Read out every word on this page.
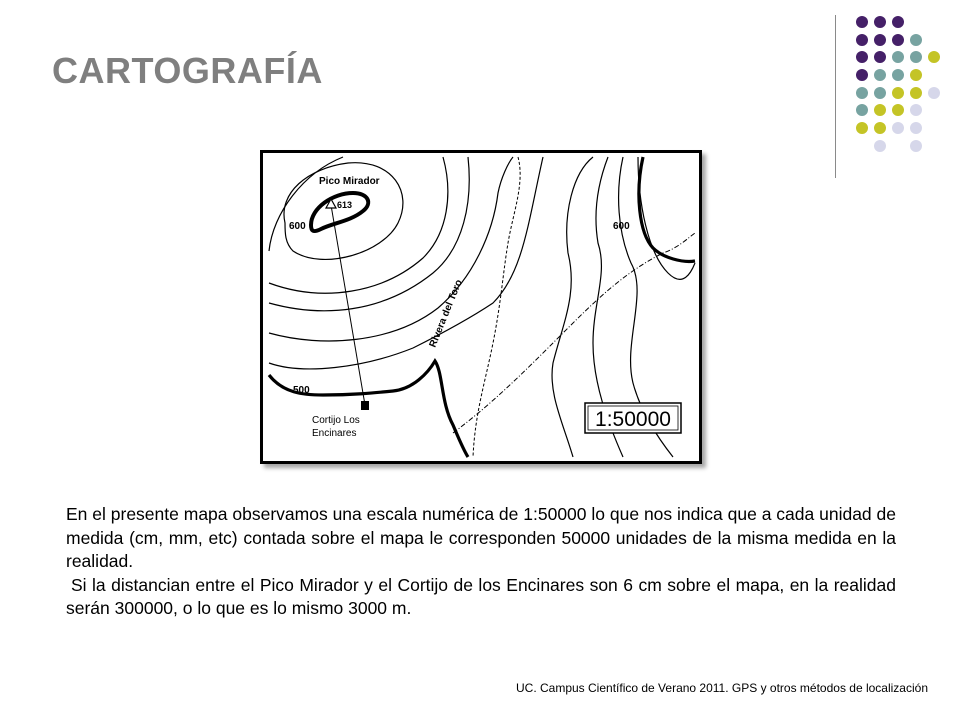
CARTOGRAFÍA
Pico Mirador
613
600	600
500
Rivera del Toro
Cortijo Los
Encinares
1:50000

En el presente mapa observamos una escala numérica de 1:50000 lo que nos indica que a cada unidad de medida (cm, mm, etc) contada sobre el mapa le corresponden 50000 unidades de la misma medida en la realidad.

Si la distancian entre el Pico Mirador y el Cortijo de los Encinares son 6 cm sobre el mapa, en la realidad serán 300000, o lo que es lo mismo 3000 m.

UC. Campus Científico de Verano 2011. GPS y otros métodos de localización
